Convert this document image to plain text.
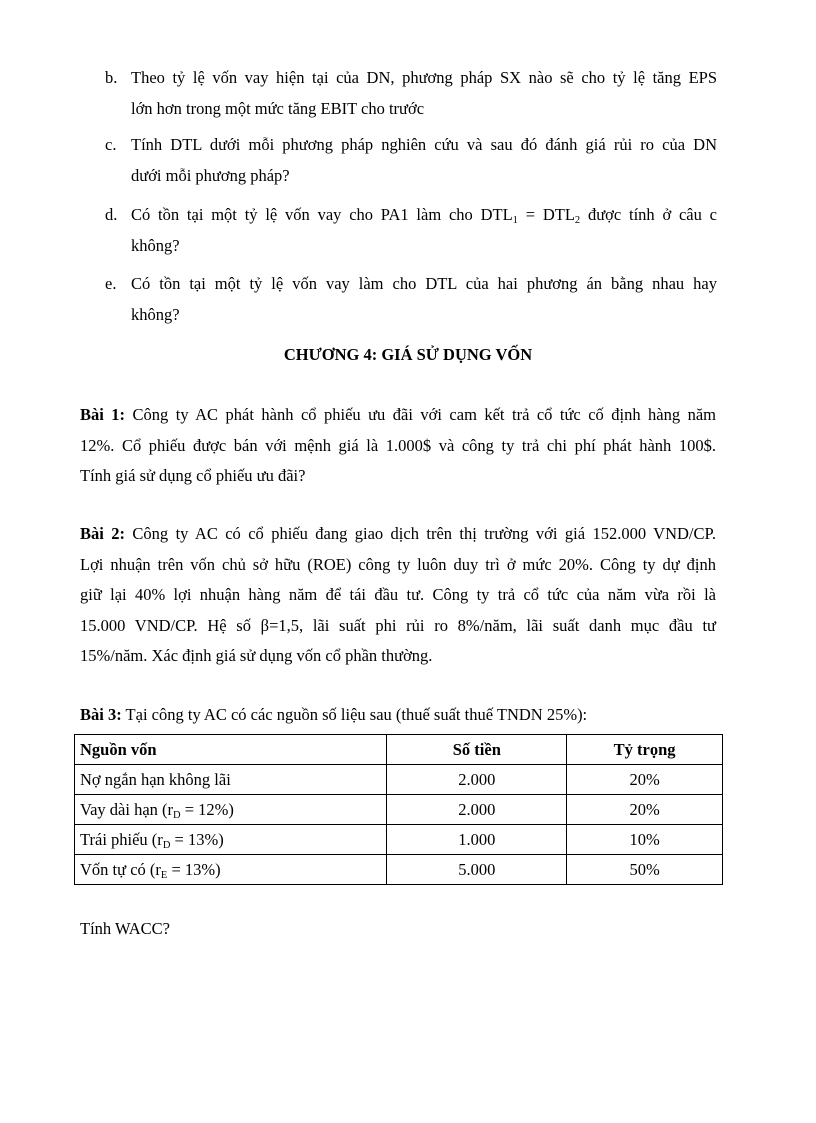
b. Theo tỷ lệ vốn vay hiện tại của DN, phương pháp SX nào sẽ cho tỷ lệ tăng EPS
lớn hơn trong một mức tăng EBIT cho trước
c. Tính DTL dưới mỗi phương pháp nghiên cứu và sau đó đánh giá rủi ro của DN
dưới mỗi phương pháp?
d. Có tồn tại một tỷ lệ vốn vay cho PA1 làm cho $DTL_1 = DTL_2$ được tính ở câu c
không?
e. Có tồn tại một tỷ lệ vốn vay làm cho DTL của hai phương án bằng nhau hay
không?
CHƯƠNG 4: GIÁ SỬ DỤNG VỐN
Bài 1: Công ty AC phát hành cổ phiếu ưu đãi với cam kết trả cổ tức cố định hàng năm
12%. Cổ phiếu được bán với mệnh giá là 1.000$ và công ty trả chi phí phát hành 100$.
Tính giá sử dụng cổ phiếu ưu đãi?
Bài 2: Công ty AC có cổ phiếu đang giao dịch trên thị trường với giá 152.000 VND/CP.
Lợi nhuận trên vốn chủ sở hữu (ROE) công ty luôn duy trì ở mức 20%. Công ty dự định
giữ lại 40% lợi nhuận hàng năm để tái đầu tư. Công ty trả cổ tức của năm vừa rồi là
15.000 VND/CP. Hệ số β=1,5, lãi suất phi rủi ro 8%/năm, lãi suất danh mục đầu tư
15%/năm. Xác định giá sử dụng vốn cổ phần thường.
Bài 3: Tại công ty AC có các nguồn số liệu sau (thuế suất thuế TNDN 25%):
Nguồn vốn	Số tiền	Tỷ trọng
Nợ ngắn hạn không lãi	2.000	20%
Vay dài hạn $(r_D = 12\%)$	2.000	20%
Trái phiếu $(r_D = 13\%)$	1.000	10%
Vốn tự có $(r_E = 13\%)$	5.000	50%
Tính WACC?
